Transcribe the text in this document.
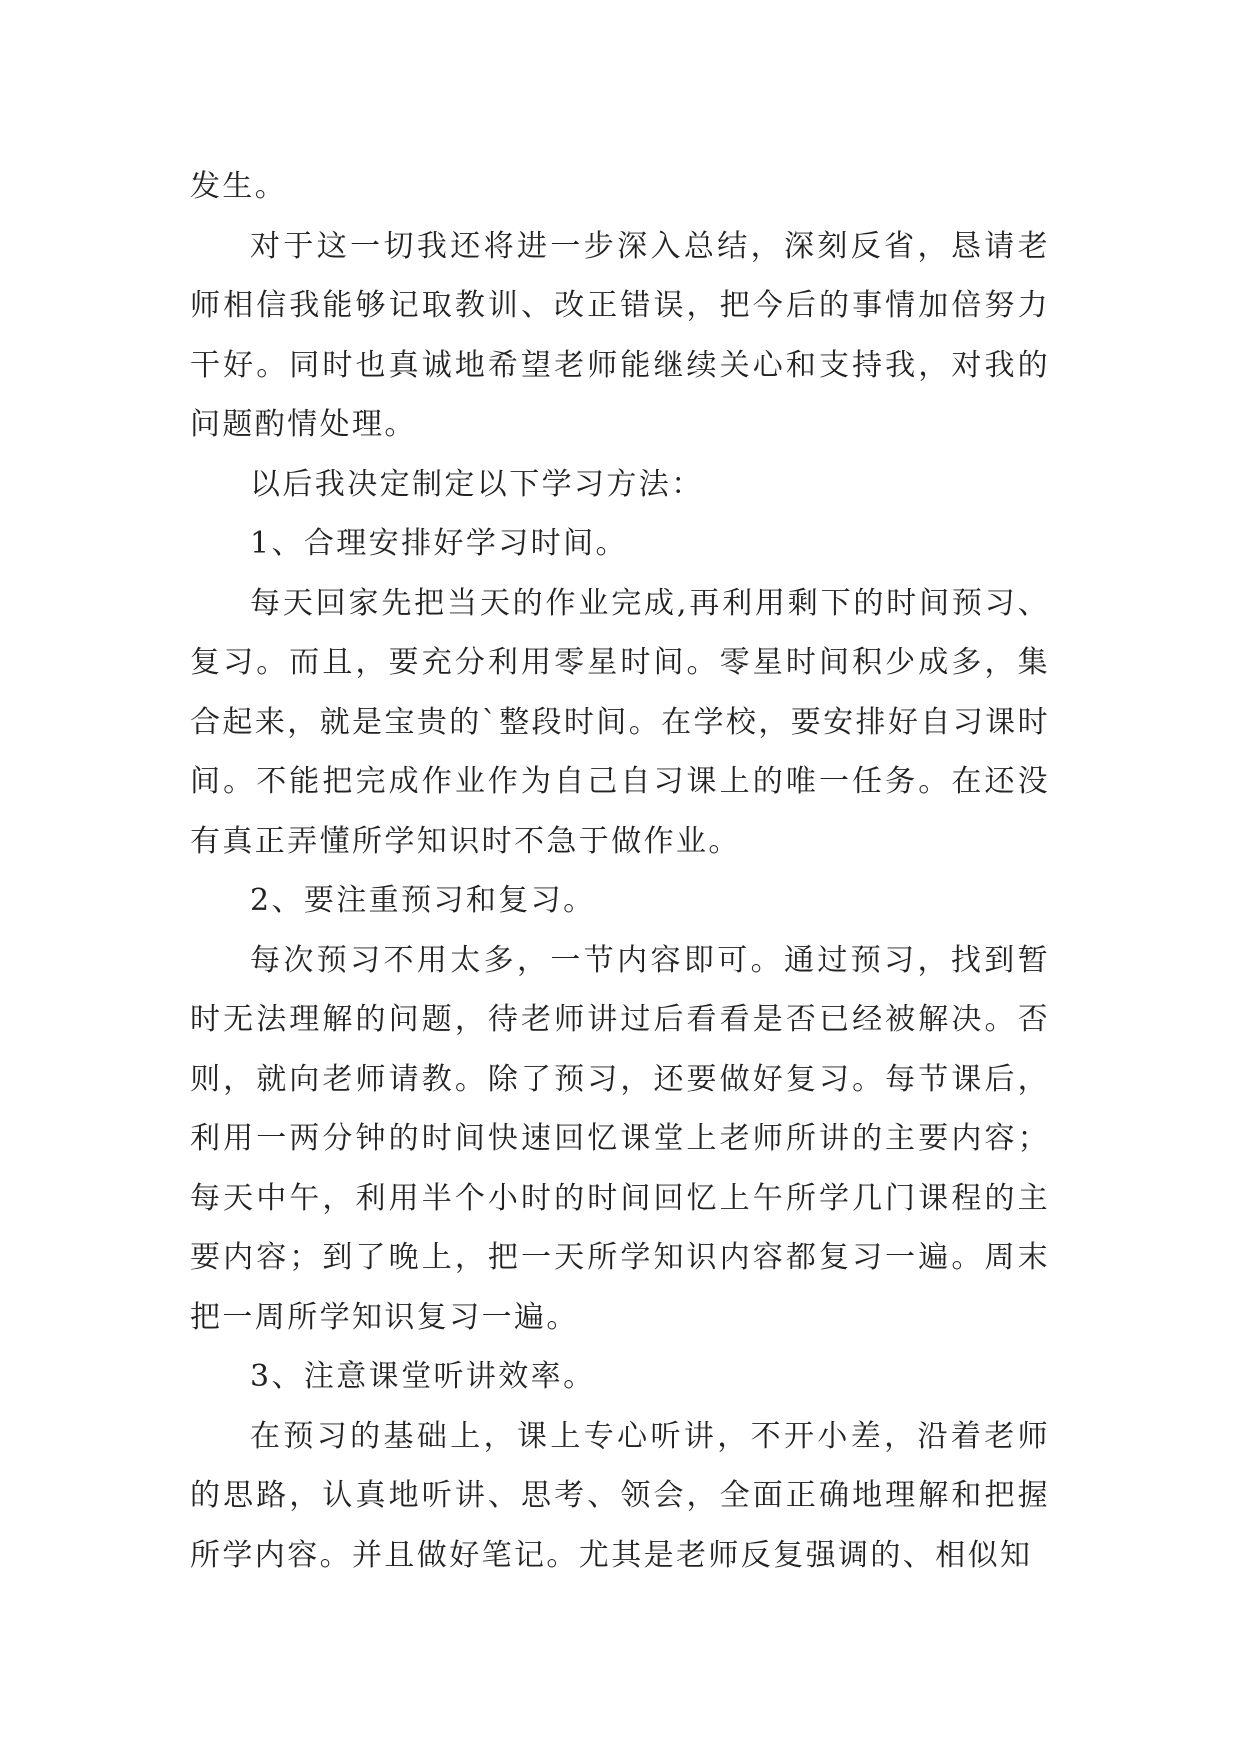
发生。

对于这一切我还将进一步深入总结，深刻反省，恳请老师相信我能够记取教训、改正错误，把今后的事情加倍努力干好。同时也真诚地希望老师能继续关心和支持我，对我的问题酌情处理。

以后我决定制定以下学习方法：

1、合理安排好学习时间。

每天回家先把当天的作业完成,再利用剩下的时间预习、复习。而且，要充分利用零星时间。零星时间积少成多，集合起来，就是宝贵的`整段时间。在学校，要安排好自习课时间。不能把完成作业作为自己自习课上的唯一任务。在还没有真正弄懂所学知识时不急于做作业。

2、要注重预习和复习。

每次预习不用太多，一节内容即可。通过预习，找到暂时无法理解的问题，待老师讲过后看看是否已经被解决。否则，就向老师请教。除了预习，还要做好复习。每节课后，利用一两分钟的时间快速回忆课堂上老师所讲的主要内容；每天中午，利用半个小时的时间回忆上午所学几门课程的主要内容；到了晚上，把一天所学知识内容都复习一遍。周末把一周所学知识复习一遍。

3、注意课堂听讲效率。

在预习的基础上，课上专心听讲，不开小差，沿着老师的思路，认真地听讲、思考、领会，全面正确地理解和把握所学内容。并且做好笔记。尤其是老师反复强调的、相似知
